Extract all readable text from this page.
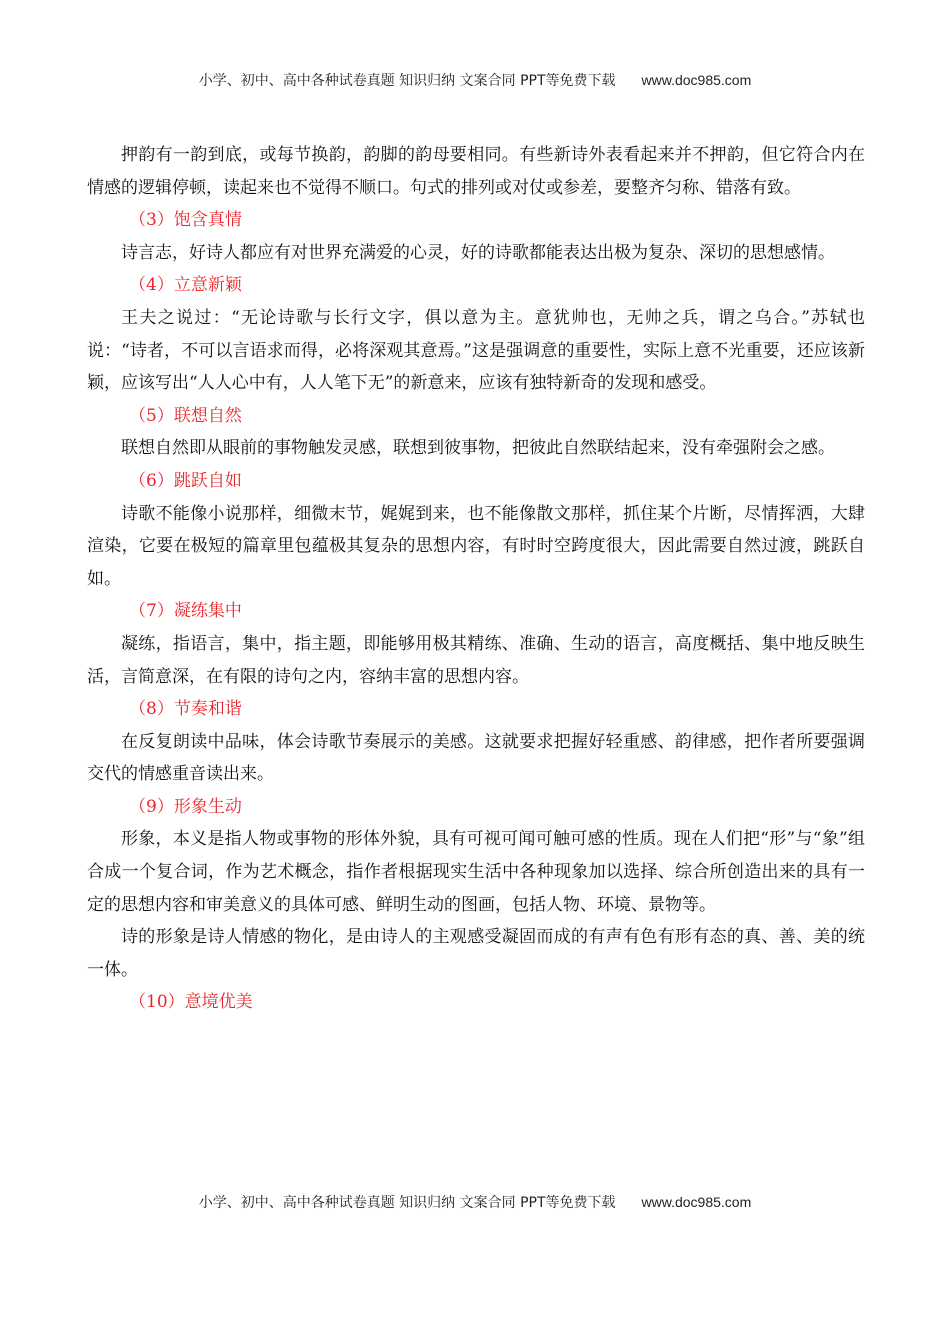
小学、初中、高中各种试卷真题 知识归纳 文案合同 PPT等免费下载 www.doc985.com

押韵有一韵到底，或每节换韵，韵脚的韵母要相同。有些新诗外表看起来并不押韵，但它符合内在情感的逻辑停顿，读起来也不觉得不顺口。句式的排列或对仗或参差，要整齐匀称、错落有致。

（3）饱含真情

诗言志，好诗人都应有对世界充满爱的心灵，好的诗歌都能表达出极为复杂、深切的思想感情。

（4）立意新颖

王夫之说过：“无论诗歌与长行文字，俱以意为主。意犹帅也，无帅之兵，谓之乌合。”苏轼也说：“诗者，不可以言语求而得，必将深观其意焉。”这是强调意的重要性，实际上意不光重要，还应该新颖，应该写出“人人心中有，人人笔下无”的新意来，应该有独特新奇的发现和感受。

（5）联想自然

联想自然即从眼前的事物触发灵感，联想到彼事物，把彼此自然联结起来，没有牵强附会之感。

（6）跳跃自如

诗歌不能像小说那样，细微末节，娓娓到来，也不能像散文那样，抓住某个片断，尽情挥洒，大肆渲染，它要在极短的篇章里包蕴极其复杂的思想内容，有时时空跨度很大，因此需要自然过渡，跳跃自如。

（7）凝练集中

凝练，指语言，集中，指主题，即能够用极其精练、准确、生动的语言，高度概括、集中地反映生活，言简意深，在有限的诗句之内，容纳丰富的思想内容。

（8）节奏和谐

在反复朗读中品味，体会诗歌节奏展示的美感。这就要求把握好轻重感、韵律感，把作者所要强调交代的情感重音读出来。

（9）形象生动

形象，本义是指人物或事物的形体外貌，具有可视可闻可触可感的性质。现在人们把“形”与“象”组合成一个复合词，作为艺术概念，指作者根据现实生活中各种现象加以选择、综合所创造出来的具有一定的思想内容和审美意义的具体可感、鲜明生动的图画，包括人物、环境、景物等。

诗的形象是诗人情感的物化，是由诗人的主观感受凝固而成的有声有色有形有态的真、善、美的统一体。

（10）意境优美

小学、初中、高中各种试卷真题 知识归纳 文案合同 PPT等免费下载 www.doc985.com
